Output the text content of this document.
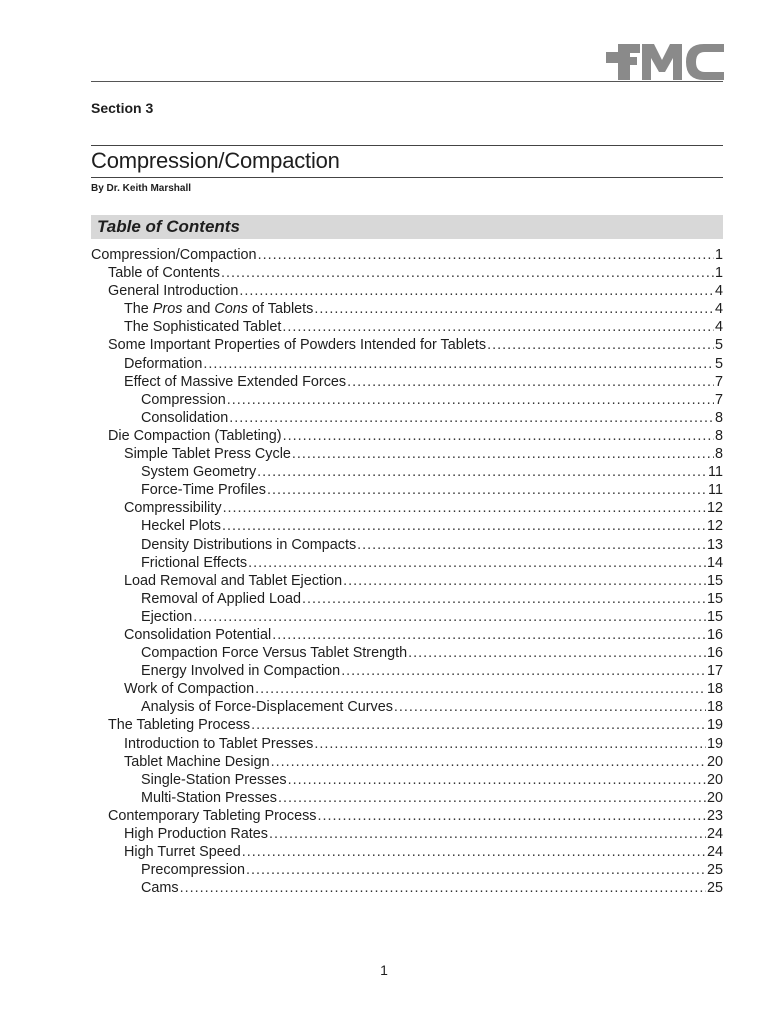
Section 3
Compression/Compaction
By Dr. Keith Marshall
Table of Contents
Compression/Compaction .....	1
Table of Contents .....	1
General Introduction .....	4
The Pros and Cons of Tablets .....	4
The Sophisticated Tablet .....	4
Some Important Properties of Powders Intended for Tablets .....	5
Deformation .....	5
Effect of Massive Extended Forces .....	7
Compression .....	7
Consolidation .....	8
Die Compaction (Tableting) .....	8
Simple Tablet Press Cycle .....	8
System Geometry .....	11
Force-Time Profiles .....	11
Compressibility .....	12
Heckel Plots .....	12
Density Distributions in Compacts .....	13
Frictional Effects .....	14
Load Removal and Tablet Ejection .....	15
Removal of Applied Load .....	15
Ejection .....	15
Consolidation Potential .....	16
Compaction Force Versus Tablet Strength .....	16
Energy Involved in Compaction .....	17
Work of Compaction .....	18
Analysis of Force-Displacement Curves .....	18
The Tableting Process .....	19
Introduction to Tablet Presses .....	19
Tablet Machine Design .....	20
Single-Station Presses .....	20
Multi-Station Presses .....	20
Contemporary Tableting Process .....	23
High Production Rates .....	24
High Turret Speed .....	24
Precompression .....	25
Cams .....	25
1
